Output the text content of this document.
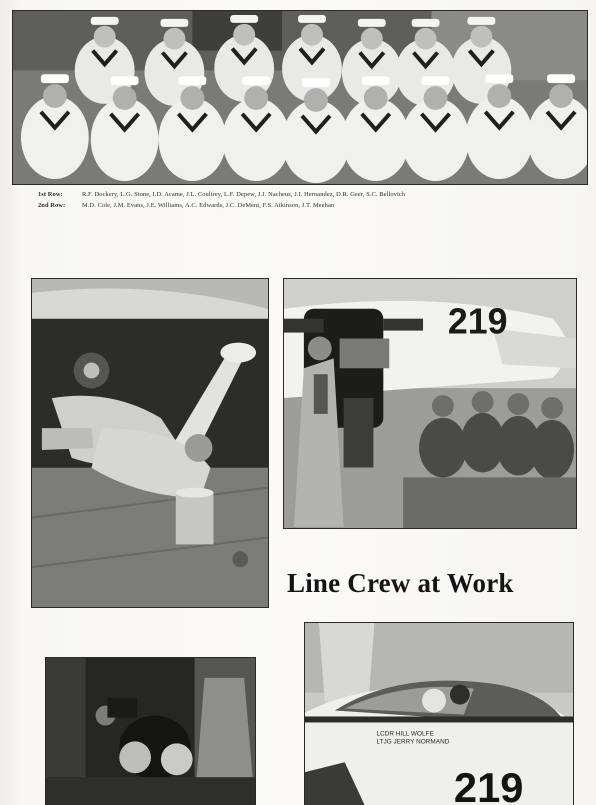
1st Row:	R.F. Dockery, L.G. Stone, I.D. Acame, J.L. Coultrey, L.F. Depew, J.J. Nacheus, J.I. Hernandez, D.R. Geer, S.C. Bellovich
2nd Row:	M.D. Cole, J.M. Evans, J.E. Williams, A.C. Edwards, J.C. DeMent, F.S. Atkinson, J.T. Meehan
219
Line Crew at Work
LCDR HILL WOLFE
LTJG JERRY NORMAND
219
